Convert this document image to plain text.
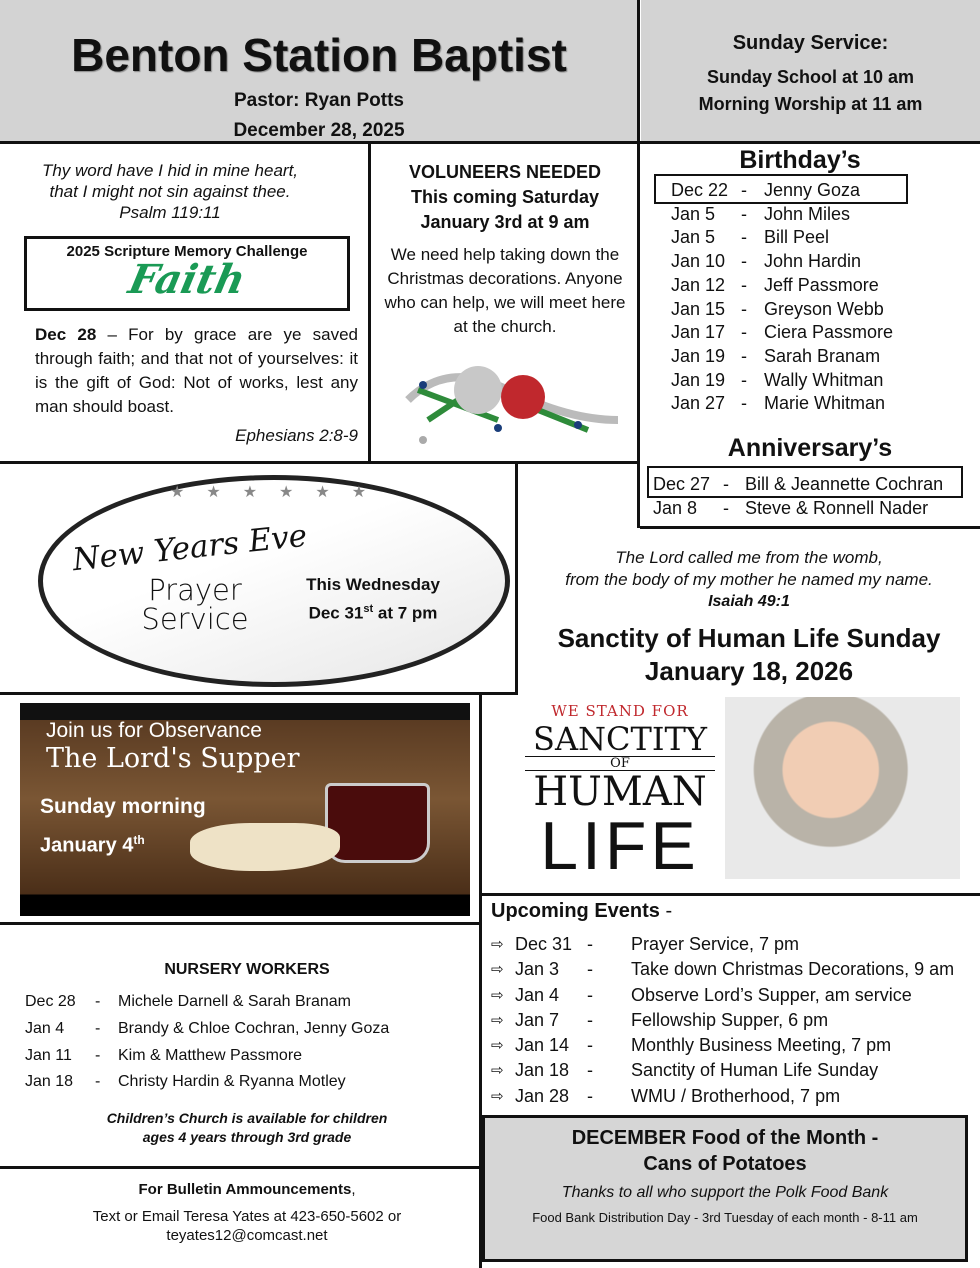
Benton Station Baptist
Pastor: Ryan Potts
December 28, 2025
Sunday Service:
Sunday School at 10 am
Morning Worship at 11 am
Thy word have I hid in mine heart,
that I might not sin against thee.
Psalm 119:11
2025 Scripture Memory Challenge
Faith
Dec 28 – For by grace are ye saved through faith; and that not of yourselves: it is the gift of God: Not of works, lest any man should boast.
Ephesians 2:8-9
VOLUNEERS NEEDED
This coming Saturday
January 3rd at 9 am
We need help taking down the Christmas decorations. Anyone who can help, we will meet here at the church.
Birthday’s
Dec 22 - Jenny Goza
Jan 5	- John Miles
Jan 5	- Bill Peel
Jan 10 - John Hardin
Jan 12 - Jeff Passmore
Jan 15 - Greyson Webb
Jan 17 - Ciera Passmore
Jan 19 - Sarah Branam
Jan 19 - Wally Whitman
Jan 27 - Marie Whitman
Anniversary’s
Dec 27 - Bill & Jeannette Cochran
Jan 8	- Steve & Ronnell Nader
★★★★★★
New Years Eve
Prayer
Service
This Wednesday
Dec 31st at 7 pm
The Lord called me from the womb,
from the body of my mother he named my name.
Isaiah 49:1
Sanctity of Human Life Sunday
January 18, 2026
Join us for Observance
The Lord's Supper
Sunday morning
January 4th
WE STAND FOR
SANCTITY
OF
HUMAN
LIFE
Upcoming Events -
⇨ Dec 31 -	Prayer Service, 7 pm
⇨ Jan 3	-	Take down Christmas Decorations, 9 am
⇨ Jan 4	-	Observe Lord’s Supper, am service
⇨ Jan 7	-	Fellowship Supper, 6 pm
⇨ Jan 14 -	Monthly Business Meeting, 7 pm
⇨ Jan 18 -	Sanctity of Human Life Sunday
⇨ Jan 28 -	WMU / Brotherhood, 7 pm
DECEMBER Food of the Month -
Cans of Potatoes
Thanks to all who support the Polk Food Bank
Food Bank Distribution Day - 3rd Tuesday of each month - 8-11 am
NURSERY WORKERS
Dec 28	-	Michele Darnell & Sarah Branam
Jan 4	-	Brandy & Chloe Cochran, Jenny Goza
Jan 11	-	Kim & Matthew Passmore
Jan 18	-	Christy Hardin & Ryanna Motley
Children’s Church is available for children
ages 4 years through 3rd grade
For Bulletin Ammouncements,
Text or Email Teresa Yates at 423-650-5602 or
teyates12@comcast.net
